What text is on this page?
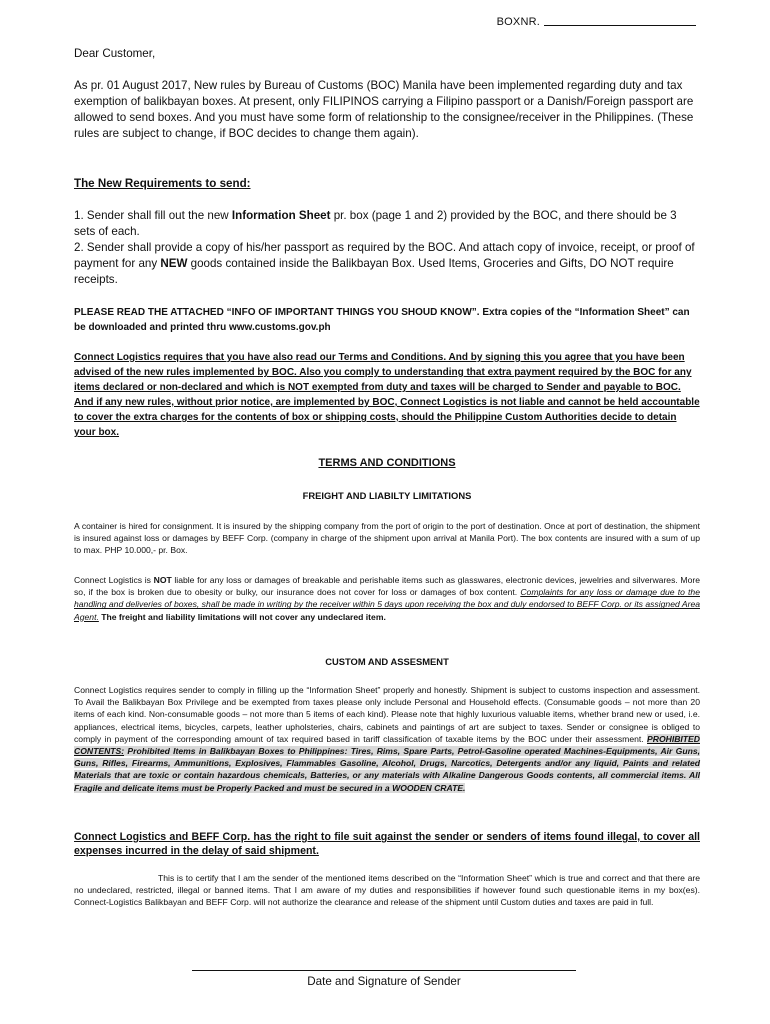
BOXNR.

Dear Customer,

As pr. 01 August 2017, New rules by Bureau of Customs (BOC) Manila have been implemented regarding duty and tax exemption of balikbayan boxes. At present, only FILIPINOS carrying a Filipino passport or a Danish/Foreign passport are allowed to send boxes. And you must have some form of relationship to the consignee/receiver in the Philippines. (These rules are subject to change, if BOC decides to change them again).

The New Requirements to send:

1. Sender shall fill out the new Information Sheet pr. box (page 1 and 2) provided by the BOC, and there should be 3 sets of each.

2. Sender shall provide a copy of his/her passport as required by the BOC. And attach copy of invoice, receipt, or proof of payment for any NEW goods contained inside the Balikbayan Box. Used Items, Groceries and Gifts, DO NOT require receipts.

PLEASE READ THE ATTACHED “INFO OF IMPORTANT THINGS YOU SHOUD KNOW”. Extra copies of the “Information Sheet” can be downloaded and printed thru www.customs.gov.ph

Connect Logistics requires that you have also read our Terms and Conditions. And by signing this you agree that you have been advised of the new rules implemented by BOC. Also you comply to understanding that extra payment required by the BOC for any items declared or non-declared and which is NOT exempted from duty and taxes will be charged to Sender and payable to BOC. And if any new rules, without prior notice, are implemented by BOC, Connect Logistics is not liable and cannot be held accountable to cover the extra charges for the contents of box or shipping costs, should the Philippine Custom Authorities decide to detain your box.

TERMS AND CONDITIONS

FREIGHT AND LIABILTY LIMITATIONS

A container is hired for consignment. It is insured by the shipping company from the port of origin to the port of destination. Once at port of destination, the shipment is insured against loss or damages by BEFF Corp. (company in charge of the shipment upon arrival at Manila Port). The box contents are insured with a sum of up to max. PHP 10.000,- pr. Box.

Connect Logistics is NOT liable for any loss or damages of breakable and perishable items such as glasswares, electronic devices, jewelries and silverwares. More so, if the box is broken due to obesity or bulky, our insurance does not cover for loss or damages of box content. Complaints for any loss or damage due to the handling and deliveries of boxes, shall be made in writing by the receiver within 5 days upon receiving the box and duly endorsed to BEFF Corp. or its assigned Area Agent. The freight and liability limitations will not cover any undeclared item.

CUSTOM AND ASSESMENT

Connect Logistics requires sender to comply in filling up the “Information Sheet” properly and honestly. Shipment is subject to customs inspection and assessment. To Avail the Balikbayan Box Privilege and be exempted from taxes please only include Personal and Household effects. (Consumable goods – not more than 20 items of each kind. Non-consumable goods – not more than 5 items of each kind). Please note that highly luxurious valuable items, whether brand new or used, i.e. appliances, electrical items, bicycles, carpets, leather upholsteries, chairs, cabinets and paintings of art are subject to taxes. Sender or consignee is obliged to comply in payment of the corresponding amount of tax required based in tariff classification of taxable items by the BOC under their assessment. PROHIBITED CONTENTS: Prohibited Items in Balikbayan Boxes to Philippines: Tires, Rims, Spare Parts, Petrol-Gasoline operated Machines-Equipments, Air Guns, Guns, Rifles, Firearms, Ammunitions, Explosives, Flammables Gasoline, Alcohol, Drugs, Narcotics, Detergents and/or any liquid, Paints and related Materials that are toxic or contain hazardous chemicals, Batteries, or any materials with Alkaline Dangerous Goods contents, all commercial items. All Fragile and delicate items must be Properly Packed and must be secured in a WOODEN CRATE.

Connect Logistics and BEFF Corp. has the right to file suit against the sender or senders of items found illegal, to cover all expenses incurred in the delay of said shipment.

This is to certify that I am the sender of the mentioned items described on the “Information Sheet” which is true and correct and that there are no undeclared, restricted, illegal or banned items. That I am aware of my duties and responsibilities if however found such questionable items in my box(es). Connect-Logistics Balikbayan and BEFF Corp. will not authorize the clearance and release of the shipment until Custom duties and taxes are paid in full.

Date and Signature of Sender
